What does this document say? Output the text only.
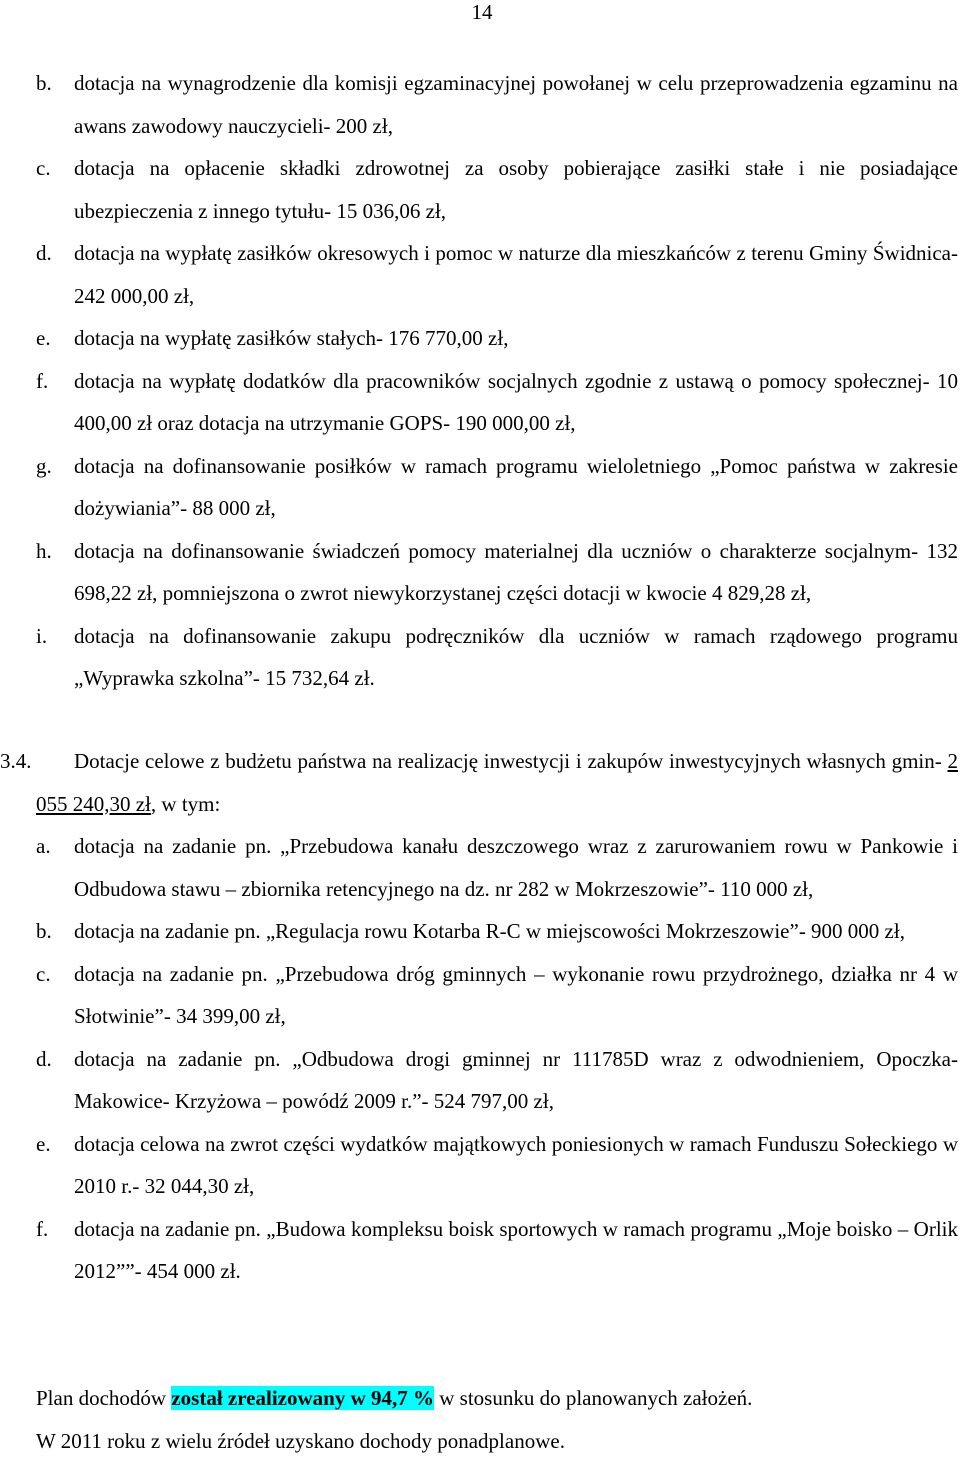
14
b. dotacja na wynagrodzenie dla komisji egzaminacyjnej powołanej w celu przeprowadzenia egzaminu na awans zawodowy nauczycieli- 200 zł,
c. dotacja na opłacenie składki zdrowotnej za osoby pobierające zasiłki stałe i nie posiadające ubezpieczenia z innego tytułu- 15 036,06 zł,
d. dotacja na wypłatę zasiłków okresowych i pomoc w naturze dla mieszkańców z terenu Gminy Świdnica- 242 000,00 zł,
e. dotacja na wypłatę zasiłków stałych- 176 770,00 zł,
f. dotacja na wypłatę dodatków dla pracowników socjalnych zgodnie z ustawą o pomocy społecznej- 10 400,00 zł oraz dotacja na utrzymanie GOPS- 190 000,00 zł,
g. dotacja na dofinansowanie posiłków w ramach programu wieloletniego „Pomoc państwa w zakresie dożywiania”- 88 000 zł,
h. dotacja na dofinansowanie świadczeń pomocy materialnej dla uczniów o charakterze socjalnym- 132 698,22 zł, pomniejszona o zwrot niewykorzystanej części dotacji w kwocie 4 829,28 zł,
i. dotacja na dofinansowanie zakupu podręczników dla uczniów w ramach rządowego programu „Wyprawka szkolna”- 15 732,64 zł.
3.4. Dotacje celowe z budżetu państwa na realizację inwestycji i zakupów inwestycyjnych własnych gmin- 2 055 240,30 zł, w tym:
a. dotacja na zadanie pn. „Przebudowa kanału deszczowego wraz z zarurowaniem rowu w Pankowie i Odbudowa stawu – zbiornika retencyjnego na dz. nr 282 w Mokrzeszowie”- 110 000 zł,
b. dotacja na zadanie pn. „Regulacja rowu Kotarba R-C w miejscowości Mokrzeszowie”- 900 000 zł,
c. dotacja na zadanie pn. „Przebudowa dróg gminnych – wykonanie rowu przydrożnego, działka nr 4 w Słotwinie”- 34 399,00 zł,
d. dotacja na zadanie pn. „Odbudowa drogi gminnej nr 111785D wraz z odwodnieniem, Opoczka- Makowice- Krzyżowa – powódź 2009 r.”- 524 797,00 zł,
e. dotacja celowa na zwrot części wydatków majątkowych poniesionych w ramach Funduszu Sołeckiego w 2010 r.- 32 044,30 zł,
f. dotacja na zadanie pn. „Budowa kompleksu boisk sportowych w ramach programu „Moje boisko – Orlik 2012””- 454 000 zł.
Plan dochodów został zrealizowany w 94,7 % w stosunku do planowanych założeń.
W 2011 roku z wielu źródeł uzyskano dochody ponadplanowe.
